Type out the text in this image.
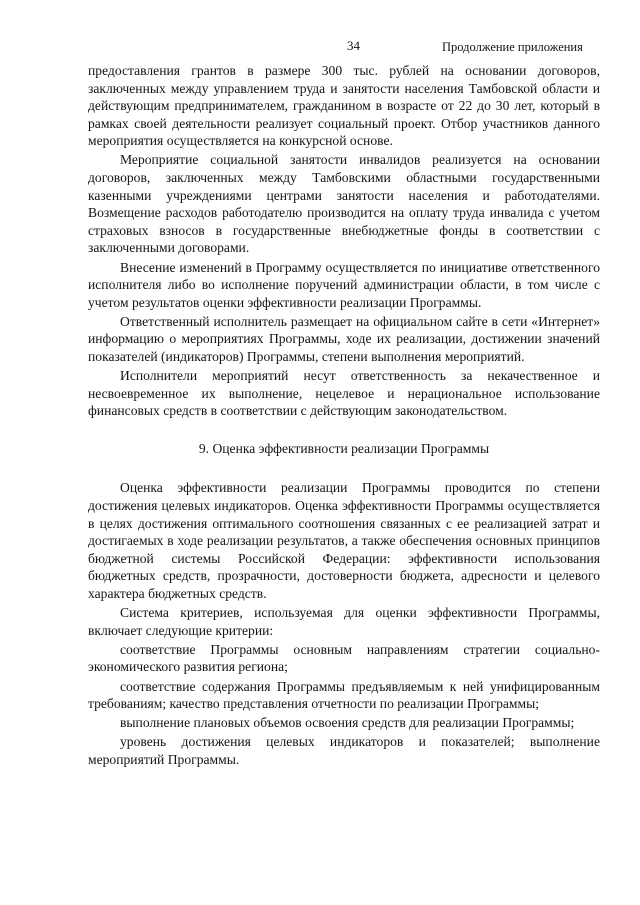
34	Продолжение приложения

предоставления грантов в размере 300 тыс. рублей на основании договоров, заключенных между управлением труда и занятости населения Тамбовской области и действующим предпринимателем, гражданином в возрасте от 22 до 30 лет, который в рамках своей деятельности реализует социальный проект. Отбор участников данного мероприятия осуществляется на конкурсной основе.

Мероприятие социальной занятости инвалидов реализуется на основании договоров, заключенных между Тамбовскими областными государственными казенными учреждениями центрами занятости населения и работодателями. Возмещение расходов работодателю производится на оплату труда инвалида с учетом страховых взносов в государственные внебюджетные фонды в соответствии с заключенными договорами.

Внесение изменений в Программу осуществляется по инициативе ответственного исполнителя либо во исполнение поручений администрации области, в том числе с учетом результатов оценки эффективности реализации Программы.

Ответственный исполнитель размещает на официальном сайте в сети «Интернет» информацию о мероприятиях Программы, ходе их реализации, достижении значений показателей (индикаторов) Программы, степени выполнения мероприятий.

Исполнители мероприятий несут ответственность за некачественное и несвоевременное их выполнение, нецелевое и нерациональное использование финансовых средств в соответствии с действующим законодательством.

9. Оценка эффективности реализации Программы

Оценка эффективности реализации Программы проводится по степени достижения целевых индикаторов. Оценка эффективности Программы осуществляется в целях достижения оптимального соотношения связанных с ее реализацией затрат и достигаемых в ходе реализации результатов, а также обеспечения основных принципов бюджетной системы Российской Федерации: эффективности использования бюджетных средств, прозрачности, достоверности бюджета, адресности и целевого характера бюджетных средств.

Система критериев, используемая для оценки эффективности Программы, включает следующие критерии:

соответствие Программы основным направлениям стратегии социально-экономического развития региона;

соответствие содержания Программы предъявляемым к ней унифицированным требованиям; качество представления отчетности по реализации Программы;

выполнение плановых объемов освоения средств для реализации Программы;

уровень достижения целевых индикаторов и показателей; выполнение мероприятий Программы.
